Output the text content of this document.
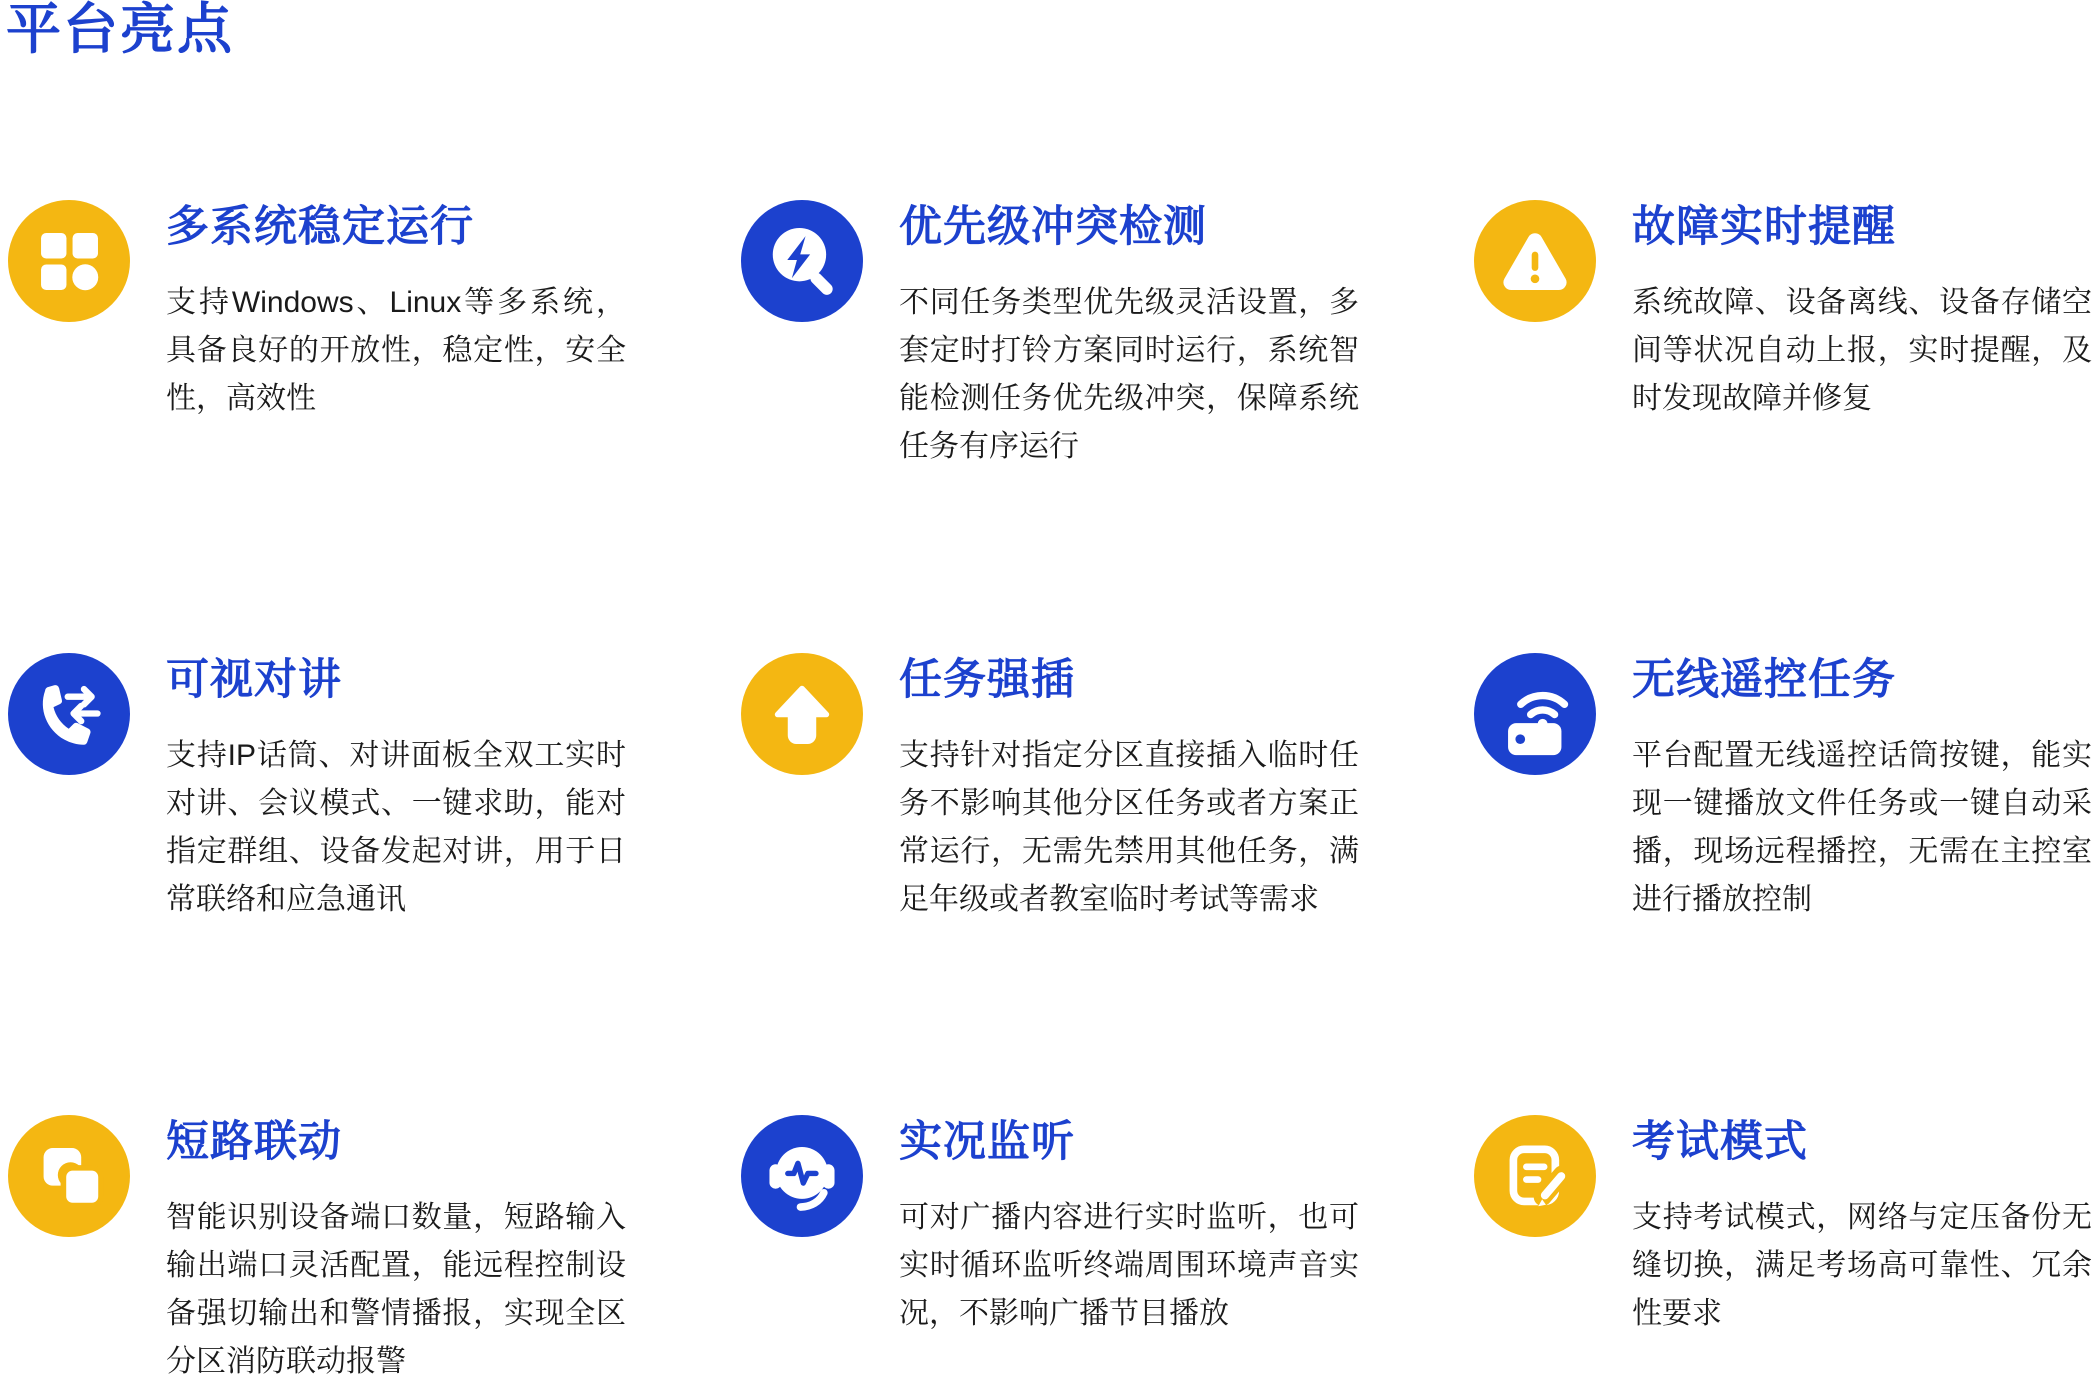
平台亮点
多系统稳定运行
支持Windows、Linux等多系统，具备良好的开放性，稳定性，安全性，高效性
优先级冲突检测
不同任务类型优先级灵活设置，多套定时打铃方案同时运行，系统智能检测任务优先级冲突，保障系统任务有序运行
故障实时提醒
系统故障、设备离线、设备存储空间等状况自动上报，实时提醒，及时发现故障并修复
可视对讲
支持IP话筒、对讲面板全双工实时对讲、会议模式、一键求助，能对指定群组、设备发起对讲，用于日常联络和应急通讯
任务强插
支持针对指定分区直接插入临时任务不影响其他分区任务或者方案正常运行，无需先禁用其他任务，满足年级或者教室临时考试等需求
无线遥控任务
平台配置无线遥控话筒按键，能实现一键播放文件任务或一键自动采播，现场远程播控，无需在主控室进行播放控制
短路联动
智能识别设备端口数量，短路输入输出端口灵活配置，能远程控制设备强切输出和警情播报，实现全区分区消防联动报警
实况监听
可对广播内容进行实时监听，也可实时循环监听终端周围环境声音实况，不影响广播节目播放
考试模式
支持考试模式，网络与定压备份无缝切换，满足考场高可靠性、冗余性要求
